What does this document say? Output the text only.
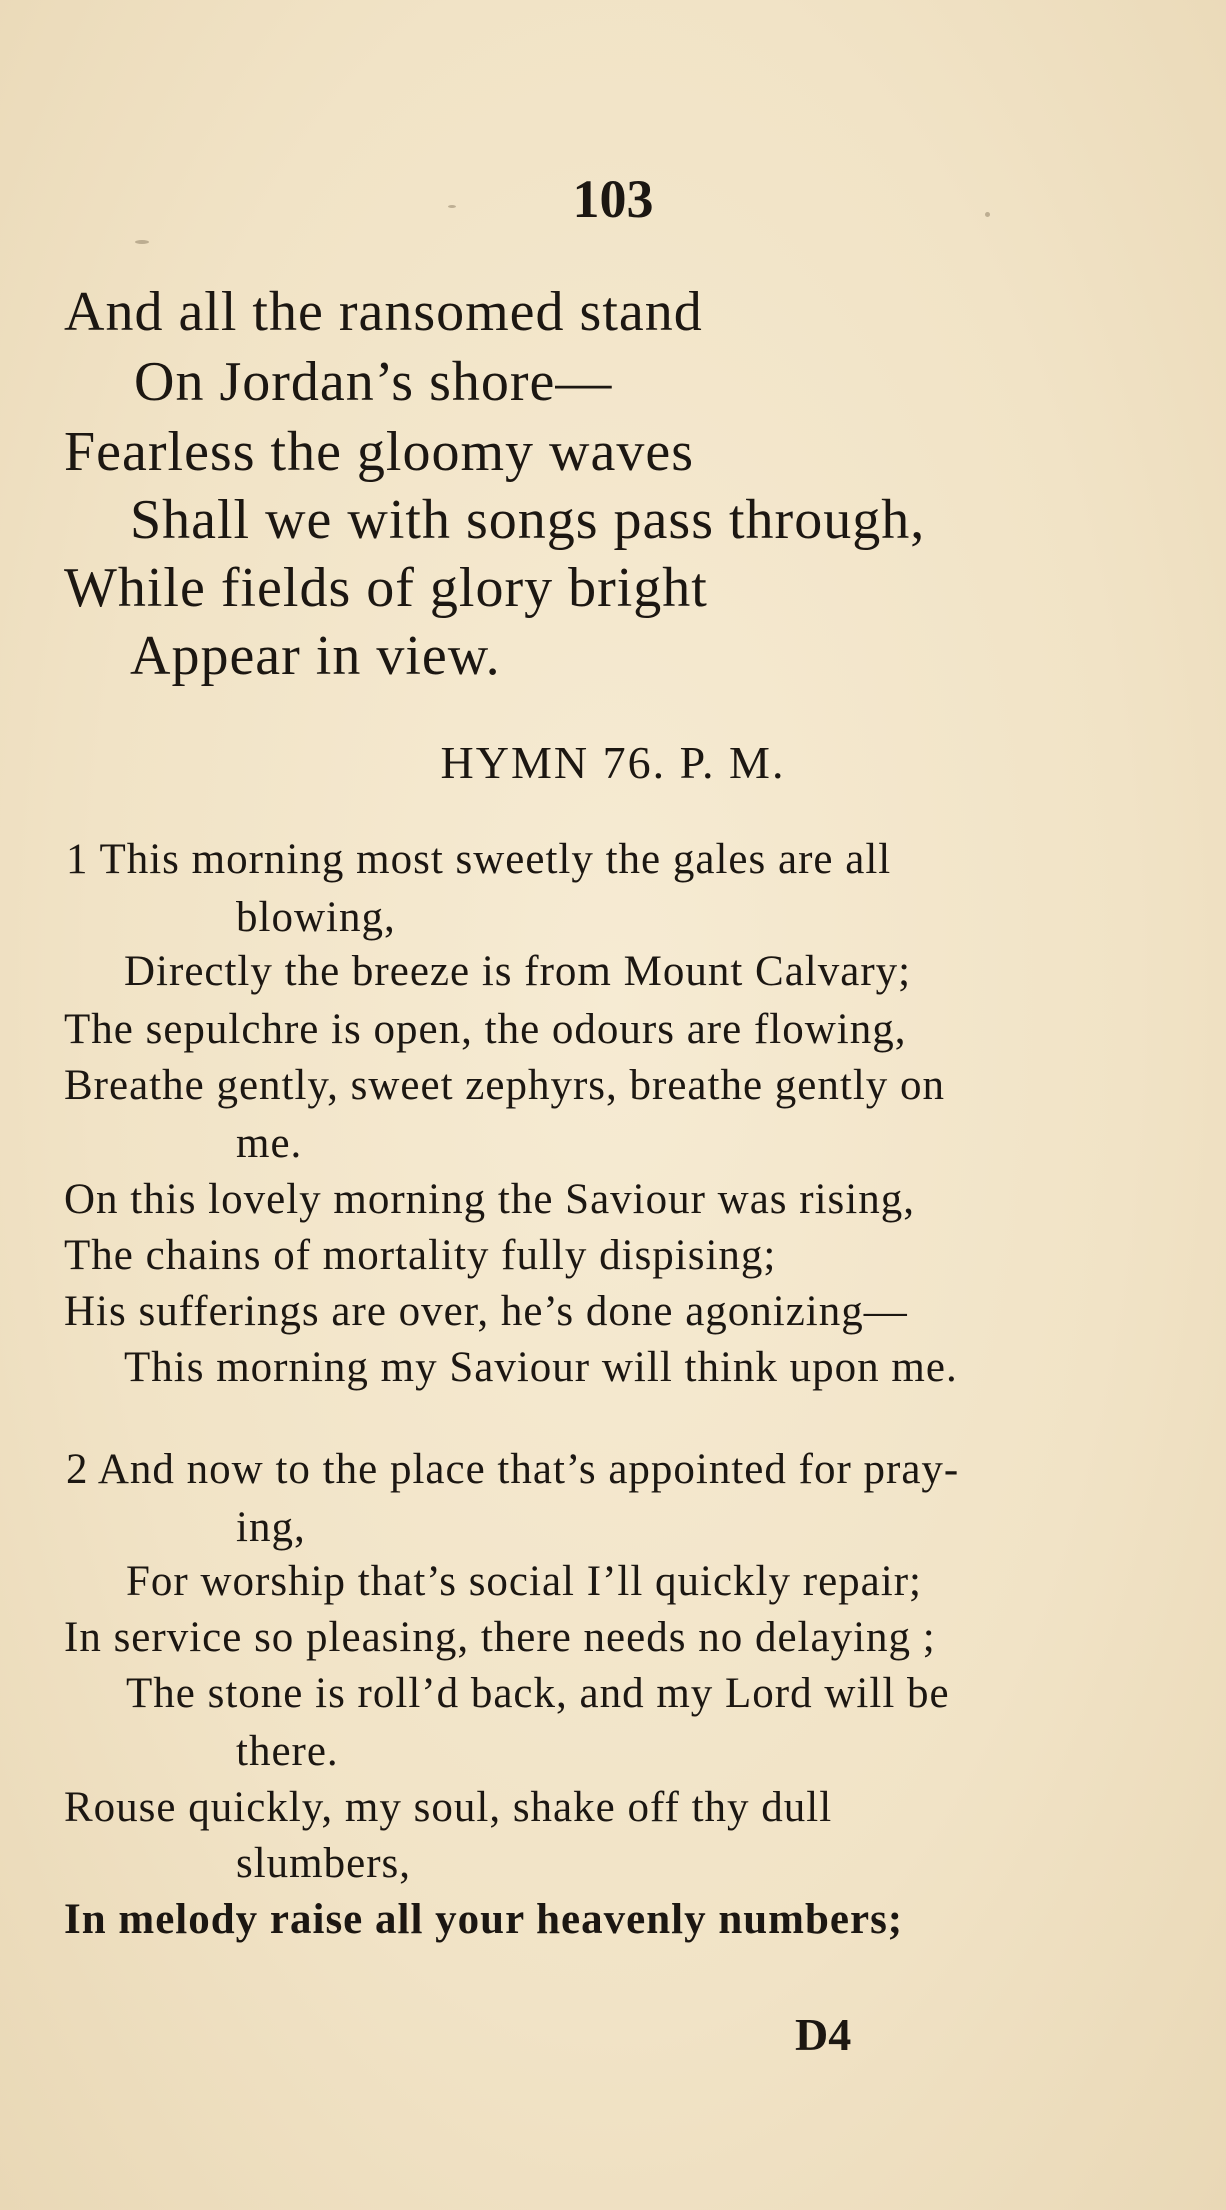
103
And all the ransomed stand
On Jordan’s shore—
Fearless the gloomy waves
Shall we with songs pass through,
While fields of glory bright
Appear in view.
HYMN 76. P. M.
1 This morning most sweetly the gales are all
blowing,
Directly the breeze is from Mount Calvary;
The sepulchre is open, the odours are flowing,
Breathe gently, sweet zephyrs, breathe gently on
me.
On this lovely morning the Saviour was rising,
The chains of mortality fully dispising;
His sufferings are over, he’s done agonizing—
This morning my Saviour will think upon me.
2 And now to the place that’s appointed for pray-
ing,
For worship that’s social I’ll quickly repair;
In service so pleasing, there needs no delaying ;
The stone is roll’d back, and my Lord will be
there.
Rouse quickly, my soul, shake off thy dull
slumbers,
In melody raise all your heavenly numbers;
D4
